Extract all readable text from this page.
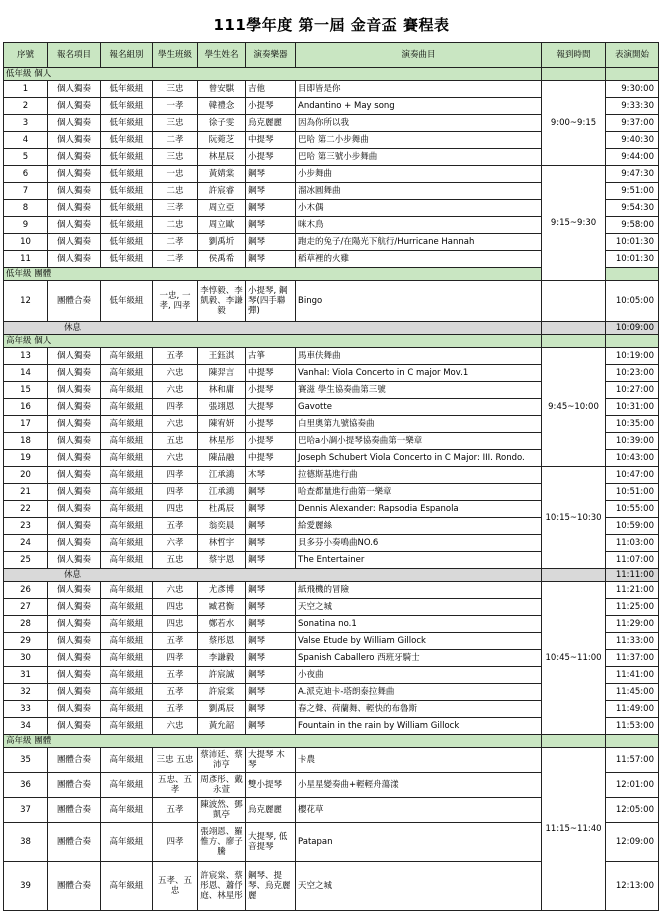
111學年度 第一屆 金音盃 賽程表
序號	報名項目	報名組別	學生班級	學生姓名	演奏樂器	演奏曲目	報到時間	表演開始
低年級 個人								
1	個人獨奏	低年級組	三忠	曾安騏	吉他	目即皆是你	9:00~9:15	9:30:00
2	個人獨奏	低年級組	一孝	韓禮念	小提琴	Andantino + May song		9:33:30
3	個人獨奏	低年級組	三忠	徐子雯	烏克麗麗	因為你所以我		9:37:00
4	個人獨奏	低年級組	二孝	阮菀芝	中提琴	巴哈 第二小步舞曲		9:40:30
5	個人獨奏	低年級組	三忠	林星辰	小提琴	巴哈 第三號小步舞曲		9:44:00
6	個人獨奏	低年級組	一忠	黃婧棠	鋼琴	小步舞曲	9:15~9:30	9:47:30
7	個人獨奏	低年級組	二忠	許宸睿	鋼琴	溜冰圓舞曲		9:51:00
8	個人獨奏	低年級組	三孝	周立亞	鋼琴	小木偶		9:54:30
9	個人獨奏	低年級組	二忠	周立歐	鋼琴	咪木鳥		9:58:00
10	個人獨奏	低年級組	二孝	劉禹圻	鋼琴	跑走的兔子/在陽光下航行/Hurricane Hannah		10:01:30
11	個人獨奏	低年級組	二孝	侯禹希	鋼琴	稻草裡的火雞		10:01:30
低年級 團體								
12	團體合奏	低年級組	一忠, 一孝, 四孝	李惇毅、李凱毅、李謙毅	小提琴, 鋼琴(四手聯彈)	Bingo		10:05:00
休息								10:09:00
高年級 個人								
13	個人獨奏	高年級組	五孝	王鈺淇	古箏	馬車伕舞曲	9:45~10:00	10:19:00
14	個人獨奏	高年級組	六忠	陳羿言	中提琴	Vanhal: Viola Concerto in C major Mov.1		10:23:00
15	個人獨奏	高年級組	六忠	林和庸	小提琴	賽滋 學生協奏曲第三號		10:27:00
16	個人獨奏	高年級組	四孝	張翊恩	大提琴	Gavotte		10:31:00
17	個人獨奏	高年級組	六忠	陳宥妍	小提琴	白里奧第九號協奏曲		10:35:00
18	個人獨奏	高年級組	五忠	林星彤	小提琴	巴哈a小調小提琴協奏曲第一樂章		10:39:00
19	個人獨奏	高年級組	六忠	陳品融	中提琴	Joseph Schubert Viola Concerto in C Major: III. Rondo.		10:43:00
20	個人獨奏	高年級組	四孝	江承鴻	木琴	拉德斯基進行曲	10:15~10:30	10:47:00
21	個人獨奏	高年級組	四孝	江承鴻	鋼琴	哈查都量進行曲第一樂章		10:51:00
22	個人獨奏	高年級組	四忠	杜禹辰	鋼琴	Dennis Alexander: Rapsodia Espanola		10:55:00
23	個人獨奏	高年級組	五孝	翁奕晨	鋼琴	給愛麗絲		10:59:00
24	個人獨奏	高年級組	六孝	林哲宇	鋼琴	貝多芬小奏鳴曲NO.6		11:03:00
25	個人獨奏	高年級組	五忠	蔡宇恩	鋼琴	The Entertainer		11:07:00
休息								11:11:00
26	個人獨奏	高年級組	六忠	尤彥博	鋼琴	紙飛機的冒險	10:45~11:00	11:21:00
27	個人獨奏	高年級組	四忠	臧君衡	鋼琴	天空之城		11:25:00
28	個人獨奏	高年級組	四忠	鄭若水	鋼琴	Sonatina no.1		11:29:00
29	個人獨奏	高年級組	五孝	蔡彤恩	鋼琴	Valse Etude by William Gillock		11:33:00
30	個人獨奏	高年級組	四孝	李謙毅	鋼琴	Spanish Caballero 西班牙騎士		11:37:00
31	個人獨奏	高年級組	五孝	許宸誠	鋼琴	小夜曲		11:41:00
32	個人獨奏	高年級組	五孝	許宸棠	鋼琴	A.派克迪卡-塔朗泰拉舞曲		11:45:00
33	個人獨奏	高年級組	五孝	劉禹辰	鋼琴	春之聲、荷蘭舞、輕快的布魯斯		11:49:00
34	個人獨奏	高年級組	六忠	黃允韶	鋼琴	Fountain in the rain by William Gillock		11:53:00
高年級 團體								
35	團體合奏	高年級組	三忠 五忠	蔡沛廷、蔡沛亨	大提琴 木琴	卡農	11:15~11:40	11:57:00
36	團體合奏	高年級組	五忠、五孝	周彥彤、戴永萱	雙小提琴	小星星變奏曲+輕輕舟蕩漾		12:01:00
37	團體合奏	高年級組	五孝	陳波然、鄧凱亭	烏克麗麗	櫻花草		12:05:00
38	團體合奏	高年級組	四孝	張翊恩、羅惟方、廖子騰	大提琴, 低音提琴	Patapan		12:09:00
39	團體合奏	高年級組	五孝、五忠	許宸棠、蔡彤恩、蕭伃庭、林星彤	鋼琴、提琴、烏克麗麗	天空之城		12:13:00
